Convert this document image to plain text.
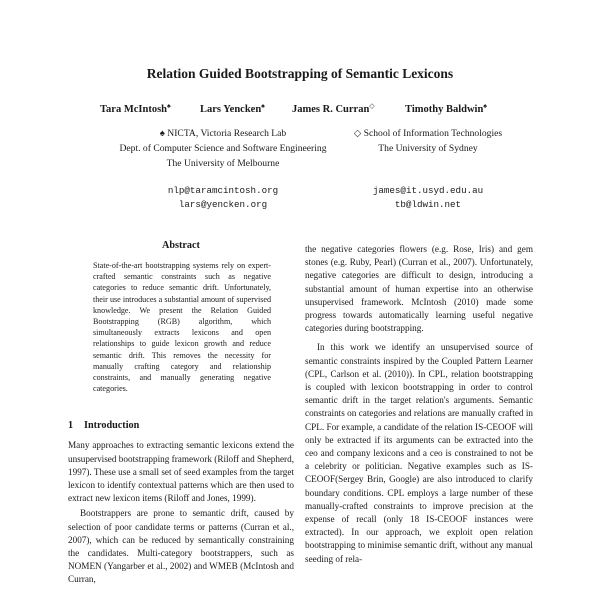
Relation Guided Bootstrapping of Semantic Lexicons
Tara McIntosh♠	Lars Yencken♠	James R. Curran◇	Timothy Baldwin♠
♠ NICTA, Victoria Research Lab
Dept. of Computer Science and Software Engineering
The University of Melbourne
nlp@taramcintosh.org
lars@yencken.org
◇ School of Information Technologies
The University of Sydney
james@it.usyd.edu.au
tb@ldwin.net
Abstract

State-of-the-art bootstrapping systems rely on expert-crafted semantic constraints such as negative categories to reduce semantic drift. Unfortunately, their use introduces a substantial amount of supervised knowledge. We present the Relation Guided Bootstrapping (RGB) algorithm, which simultaneously extracts lexicons and open relationships to guide lexicon growth and reduce semantic drift. This removes the necessity for manually crafting category and relationship constraints, and manually generating negative categories.

1 Introduction

Many approaches to extracting semantic lexicons extend the unsupervised bootstrapping framework (Riloff and Shepherd, 1997). These use a small set of seed examples from the target lexicon to identify contextual patterns which are then used to extract new lexicon items (Riloff and Jones, 1999).

Bootstrappers are prone to semantic drift, caused by selection of poor candidate terms or patterns (Curran et al., 2007), which can be reduced by semantically constraining the candidates. Multi-category bootstrappers, such as NOMEN (Yangarber et al., 2002) and WMEB (McIntosh and Curran,

the negative categories flowers (e.g. Rose, Iris) and gem stones (e.g. Ruby, Pearl) (Curran et al., 2007). Unfortunately, negative categories are difficult to design, introducing a substantial amount of human expertise into an otherwise unsupervised framework. McIntosh (2010) made some progress towards automatically learning useful negative categories during bootstrapping.

In this work we identify an unsupervised source of semantic constraints inspired by the Coupled Pattern Learner (CPL, Carlson et al. (2010)). In CPL, relation bootstrapping is coupled with lexicon bootstrapping in order to control semantic drift in the target relation's arguments. Semantic constraints on categories and relations are manually crafted in CPL. For example, a candidate of the relation IS-CEOOF will only be extracted if its arguments can be extracted into the ceo and company lexicons and a ceo is constrained to not be a celebrity or politician. Negative examples such as IS-CEOOF(Sergey Brin, Google) are also introduced to clarify boundary conditions. CPL employs a large number of these manually-crafted constraints to improve precision at the expense of recall (only 18 IS-CEOOF instances were extracted). In our approach, we exploit open relation bootstrapping to minimise semantic drift, without any manual seeding of rela-
